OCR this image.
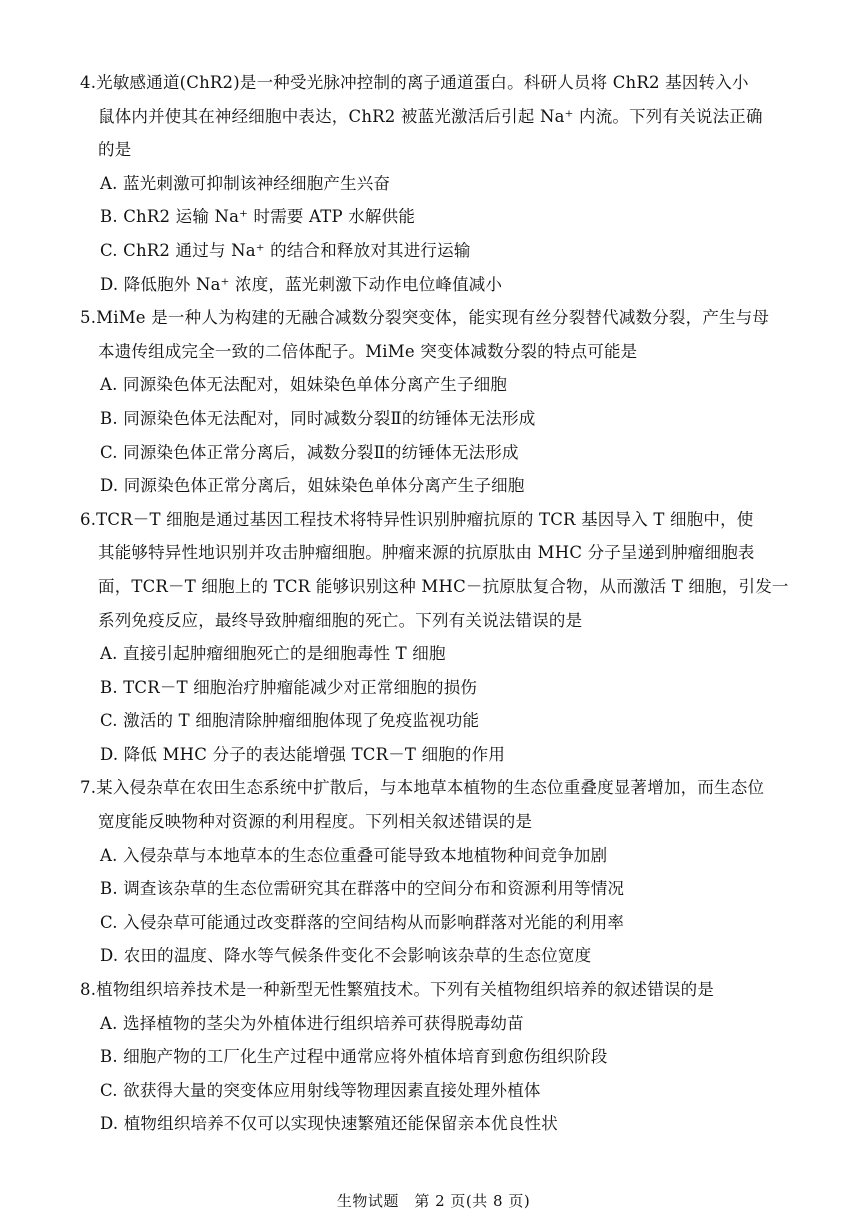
4.光敏感通道(ChR2)是一种受光脉冲控制的离子通道蛋白。科研人员将 ChR2 基因转入小
鼠体内并使其在神经细胞中表达，ChR2 被蓝光激活后引起 Na⁺ 内流。下列有关说法正确
的是
A. 蓝光刺激可抑制该神经细胞产生兴奋
B. ChR2 运输 Na⁺ 时需要 ATP 水解供能
C. ChR2 通过与 Na⁺ 的结合和释放对其进行运输
D. 降低胞外 Na⁺ 浓度，蓝光刺激下动作电位峰值减小
5.MiMe 是一种人为构建的无融合减数分裂突变体，能实现有丝分裂替代减数分裂，产生与母
本遗传组成完全一致的二倍体配子。MiMe 突变体减数分裂的特点可能是
A. 同源染色体无法配对，姐妹染色单体分离产生子细胞
B. 同源染色体无法配对，同时减数分裂Ⅱ的纺锤体无法形成
C. 同源染色体正常分离后，减数分裂Ⅱ的纺锤体无法形成
D. 同源染色体正常分离后，姐妹染色单体分离产生子细胞
6.TCR－T 细胞是通过基因工程技术将特异性识别肿瘤抗原的 TCR 基因导入 T 细胞中，使
其能够特异性地识别并攻击肿瘤细胞。肿瘤来源的抗原肽由 MHC 分子呈递到肿瘤细胞表
面，TCR－T 细胞上的 TCR 能够识别这种 MHC－抗原肽复合物，从而激活 T 细胞，引发一
系列免疫反应，最终导致肿瘤细胞的死亡。下列有关说法错误的是
A. 直接引起肿瘤细胞死亡的是细胞毒性 T 细胞
B. TCR－T 细胞治疗肿瘤能减少对正常细胞的损伤
C. 激活的 T 细胞清除肿瘤细胞体现了免疫监视功能
D. 降低 MHC 分子的表达能增强 TCR－T 细胞的作用
7.某入侵杂草在农田生态系统中扩散后，与本地草本植物的生态位重叠度显著增加，而生态位
宽度能反映物种对资源的利用程度。下列相关叙述错误的是
A. 入侵杂草与本地草本的生态位重叠可能导致本地植物种间竞争加剧
B. 调查该杂草的生态位需研究其在群落中的空间分布和资源利用等情况
C. 入侵杂草可能通过改变群落的空间结构从而影响群落对光能的利用率
D. 农田的温度、降水等气候条件变化不会影响该杂草的生态位宽度
8.植物组织培养技术是一种新型无性繁殖技术。下列有关植物组织培养的叙述错误的是
A. 选择植物的茎尖为外植体进行组织培养可获得脱毒幼苗
B. 细胞产物的工厂化生产过程中通常应将外植体培育到愈伤组织阶段
C. 欲获得大量的突变体应用射线等物理因素直接处理外植体
D. 植物组织培养不仅可以实现快速繁殖还能保留亲本优良性状
生物试题　第 2 页(共 8 页)
